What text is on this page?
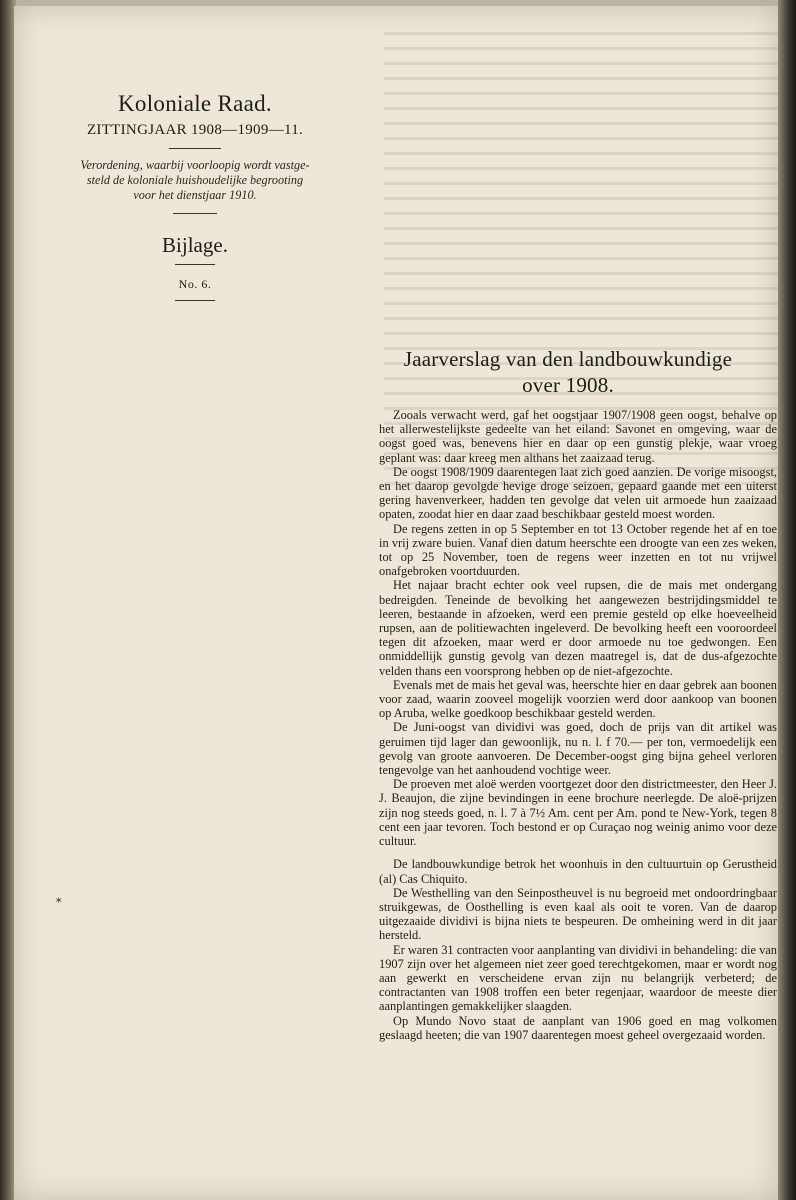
Koloniale Raad.
ZITTINGJAAR 1908—1909—11.
Verordening, waarbij voorloopig wordt vastge-
steld de koloniale huishoudelijke begrooting
voor het dienstjaar 1910.
Bijlage.
No. 6.
Jaarverslag van den landbouwkundige
over 1908.

Zooals verwacht werd, gaf het oogstjaar 1907/1908 geen oogst, behalve op het allerwestelijkste gedeelte van het eiland: Savonet en omgeving, waar de oogst goed was, benevens hier en daar op een gunstig plekje, waar vroeg geplant was: daar kreeg men althans het zaaizaad terug.

De oogst 1908/1909 daarentegen laat zich goed aanzien. De vorige misoogst, en het daarop gevolgde hevige droge seizoen, gepaard gaande met een uiterst gering havenverkeer, hadden ten gevolge dat velen uit armoede hun zaaizaad opaten, zoodat hier en daar zaad beschikbaar gesteld moest worden.

De regens zetten in op 5 September en tot 13 October regende het af en toe in vrij zware buien. Vanaf dien datum heerschte een droogte van een zes weken, tot op 25 November, toen de regens weer inzetten en tot nu vrijwel onafgebroken voortduurden.

Het najaar bracht echter ook veel rupsen, die de mais met ondergang bedreigden. Teneinde de bevolking het aangewezen bestrijdingsmiddel te leeren, bestaande in afzoeken, werd een premie gesteld op elke hoeveelheid rupsen, aan de politiewachten ingeleverd. De bevolking heeft een vooroordeel tegen dit afzoeken, maar werd er door armoede nu toe gedwongen. Een onmiddellijk gunstig gevolg van dezen maatregel is, dat de dus-afgezochte velden thans een voorsprong hebben op de niet-afgezochte.

Evenals met de mais het geval was, heerschte hier en daar gebrek aan boonen voor zaad, waarin zooveel mogelijk voorzien werd door aankoop van boonen op Aruba, welke goedkoop beschikbaar gesteld werden.

De Juni-oogst van dividivi was goed, doch de prijs van dit artikel was geruimen tijd lager dan gewoonlijk, nu n. l. f 70.— per ton, vermoedelijk een gevolg van groote aanvoeren. De December-oogst ging bijna geheel verloren tengevolge van het aanhoudend vochtige weer.

De proeven met aloë werden voortgezet door den districtmeester, den Heer J. J. Beaujon, die zijne bevindingen in eene brochure neerlegde. De aloë-prijzen zijn nog steeds goed, n. l. 7 à 7½ Am. cent per Am. pond te New-York, tegen 8 cent een jaar tevoren. Toch bestond er op Curaçao nog weinig animo voor deze cultuur.

De landbouwkundige betrok het woonhuis in den cultuurtuin op Gerustheid (al) Cas Chiquito.

De Westhelling van den Seinpostheuvel is nu begroeid met ondoordringbaar struikgewas, de Oosthelling is even kaal als ooit te voren. Van de daarop uitgezaaide dividivi is bijna niets te bespeuren. De omheining werd in dit jaar hersteld.

Er waren 31 contracten voor aanplanting van dividivi in behandeling: die van 1907 zijn over het algemeen niet zeer goed terechtgekomen, maar er wordt nog aan gewerkt en verscheidene ervan zijn nu belangrijk verbeterd; de contractanten van 1908 troffen een beter regenjaar, waardoor de meeste dier aanplantingen gemakkelijker slaagden.

Op Mundo Novo staat de aanplant van 1906 goed en mag volkomen geslaagd heeten; die van 1907 daarentegen moest geheel overgezaaid worden.

*
